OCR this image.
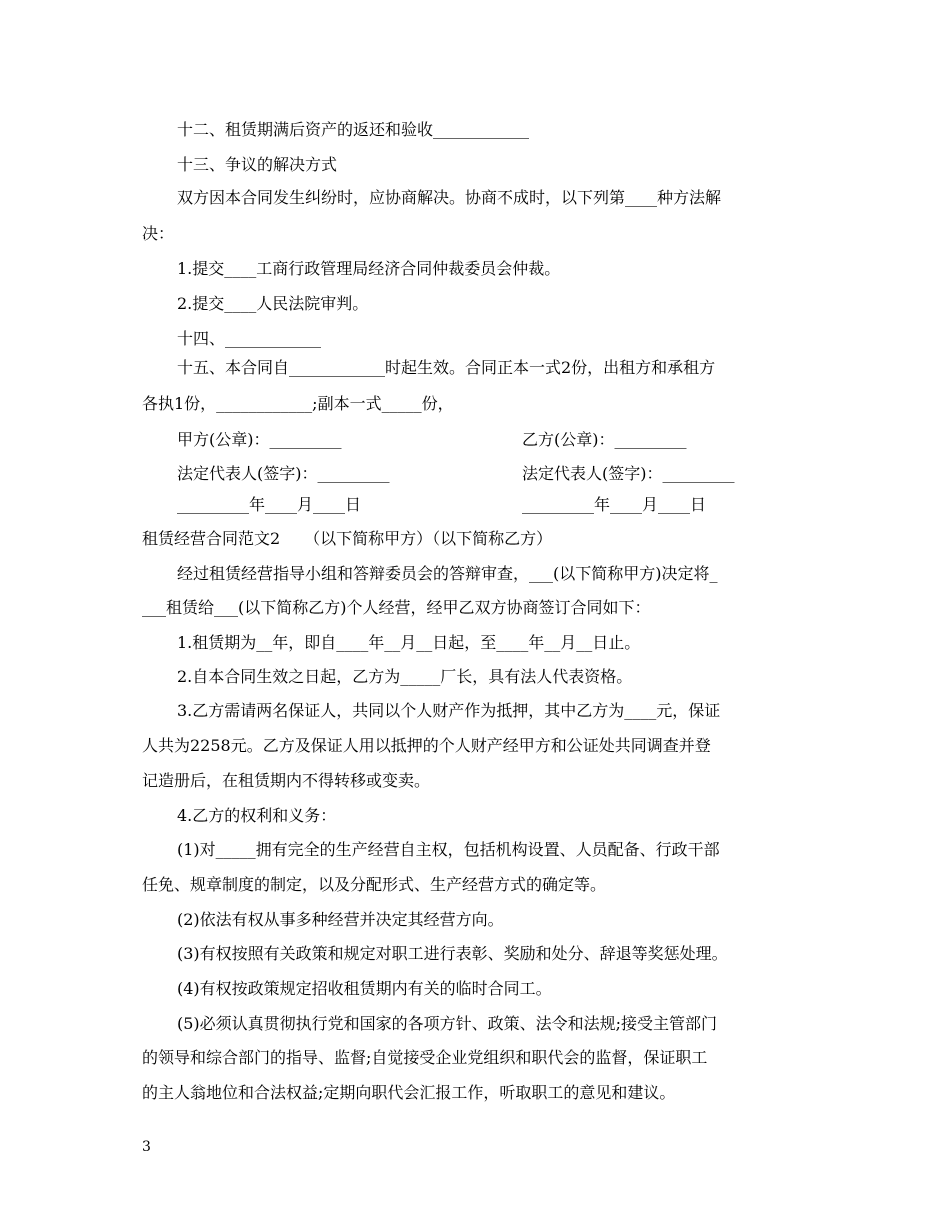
十二、租赁期满后资产的返还和验收____________
十三、争议的解决方式
双方因本合同发生纠纷时，应协商解决。协商不成时，以下列第____种方法解
决：
1.提交____工商行政管理局经济合同仲裁委员会仲裁。
2.提交____人民法院审判。
十四、____________
十五、本合同自____________时起生效。合同正本一式2份，出租方和承租方
各执1份，____________;副本一式_____份，
甲方(公章)：_________	乙方(公章)：_________
法定代表人(签字)：_________	法定代表人(签字)：_________
_________年____月____日	_________年____月____日
租赁经营合同范文2　　（以下简称甲方）（以下简称乙方）
经过租赁经营指导小组和答辩委员会的答辩审查，___(以下简称甲方)决定将_
___租赁给___(以下简称乙方)个人经营，经甲乙双方协商签订合同如下：
1.租赁期为__年，即自____年__月__日起，至____年__月__日止。
2.自本合同生效之日起，乙方为_____厂长，具有法人代表资格。
3.乙方需请两名保证人，共同以个人财产作为抵押，其中乙方为____元，保证
人共为2258元。乙方及保证人用以抵押的个人财产经甲方和公证处共同调查并登
记造册后，在租赁期内不得转移或变卖。
4.乙方的权利和义务：
(1)对_____拥有完全的生产经营自主权，包括机构设置、人员配备、行政干部
任免、规章制度的制定，以及分配形式、生产经营方式的确定等。
(2)依法有权从事多种经营并决定其经营方向。
(3)有权按照有关政策和规定对职工进行表彰、奖励和处分、辞退等奖惩处理。
(4)有权按政策规定招收租赁期内有关的临时合同工。
(5)必须认真贯彻执行党和国家的各项方针、政策、法令和法规;接受主管部门
的领导和综合部门的指导、监督;自觉接受企业党组织和职代会的监督，保证职工
的主人翁地位和合法权益;定期向职代会汇报工作，听取职工的意见和建议。
3
